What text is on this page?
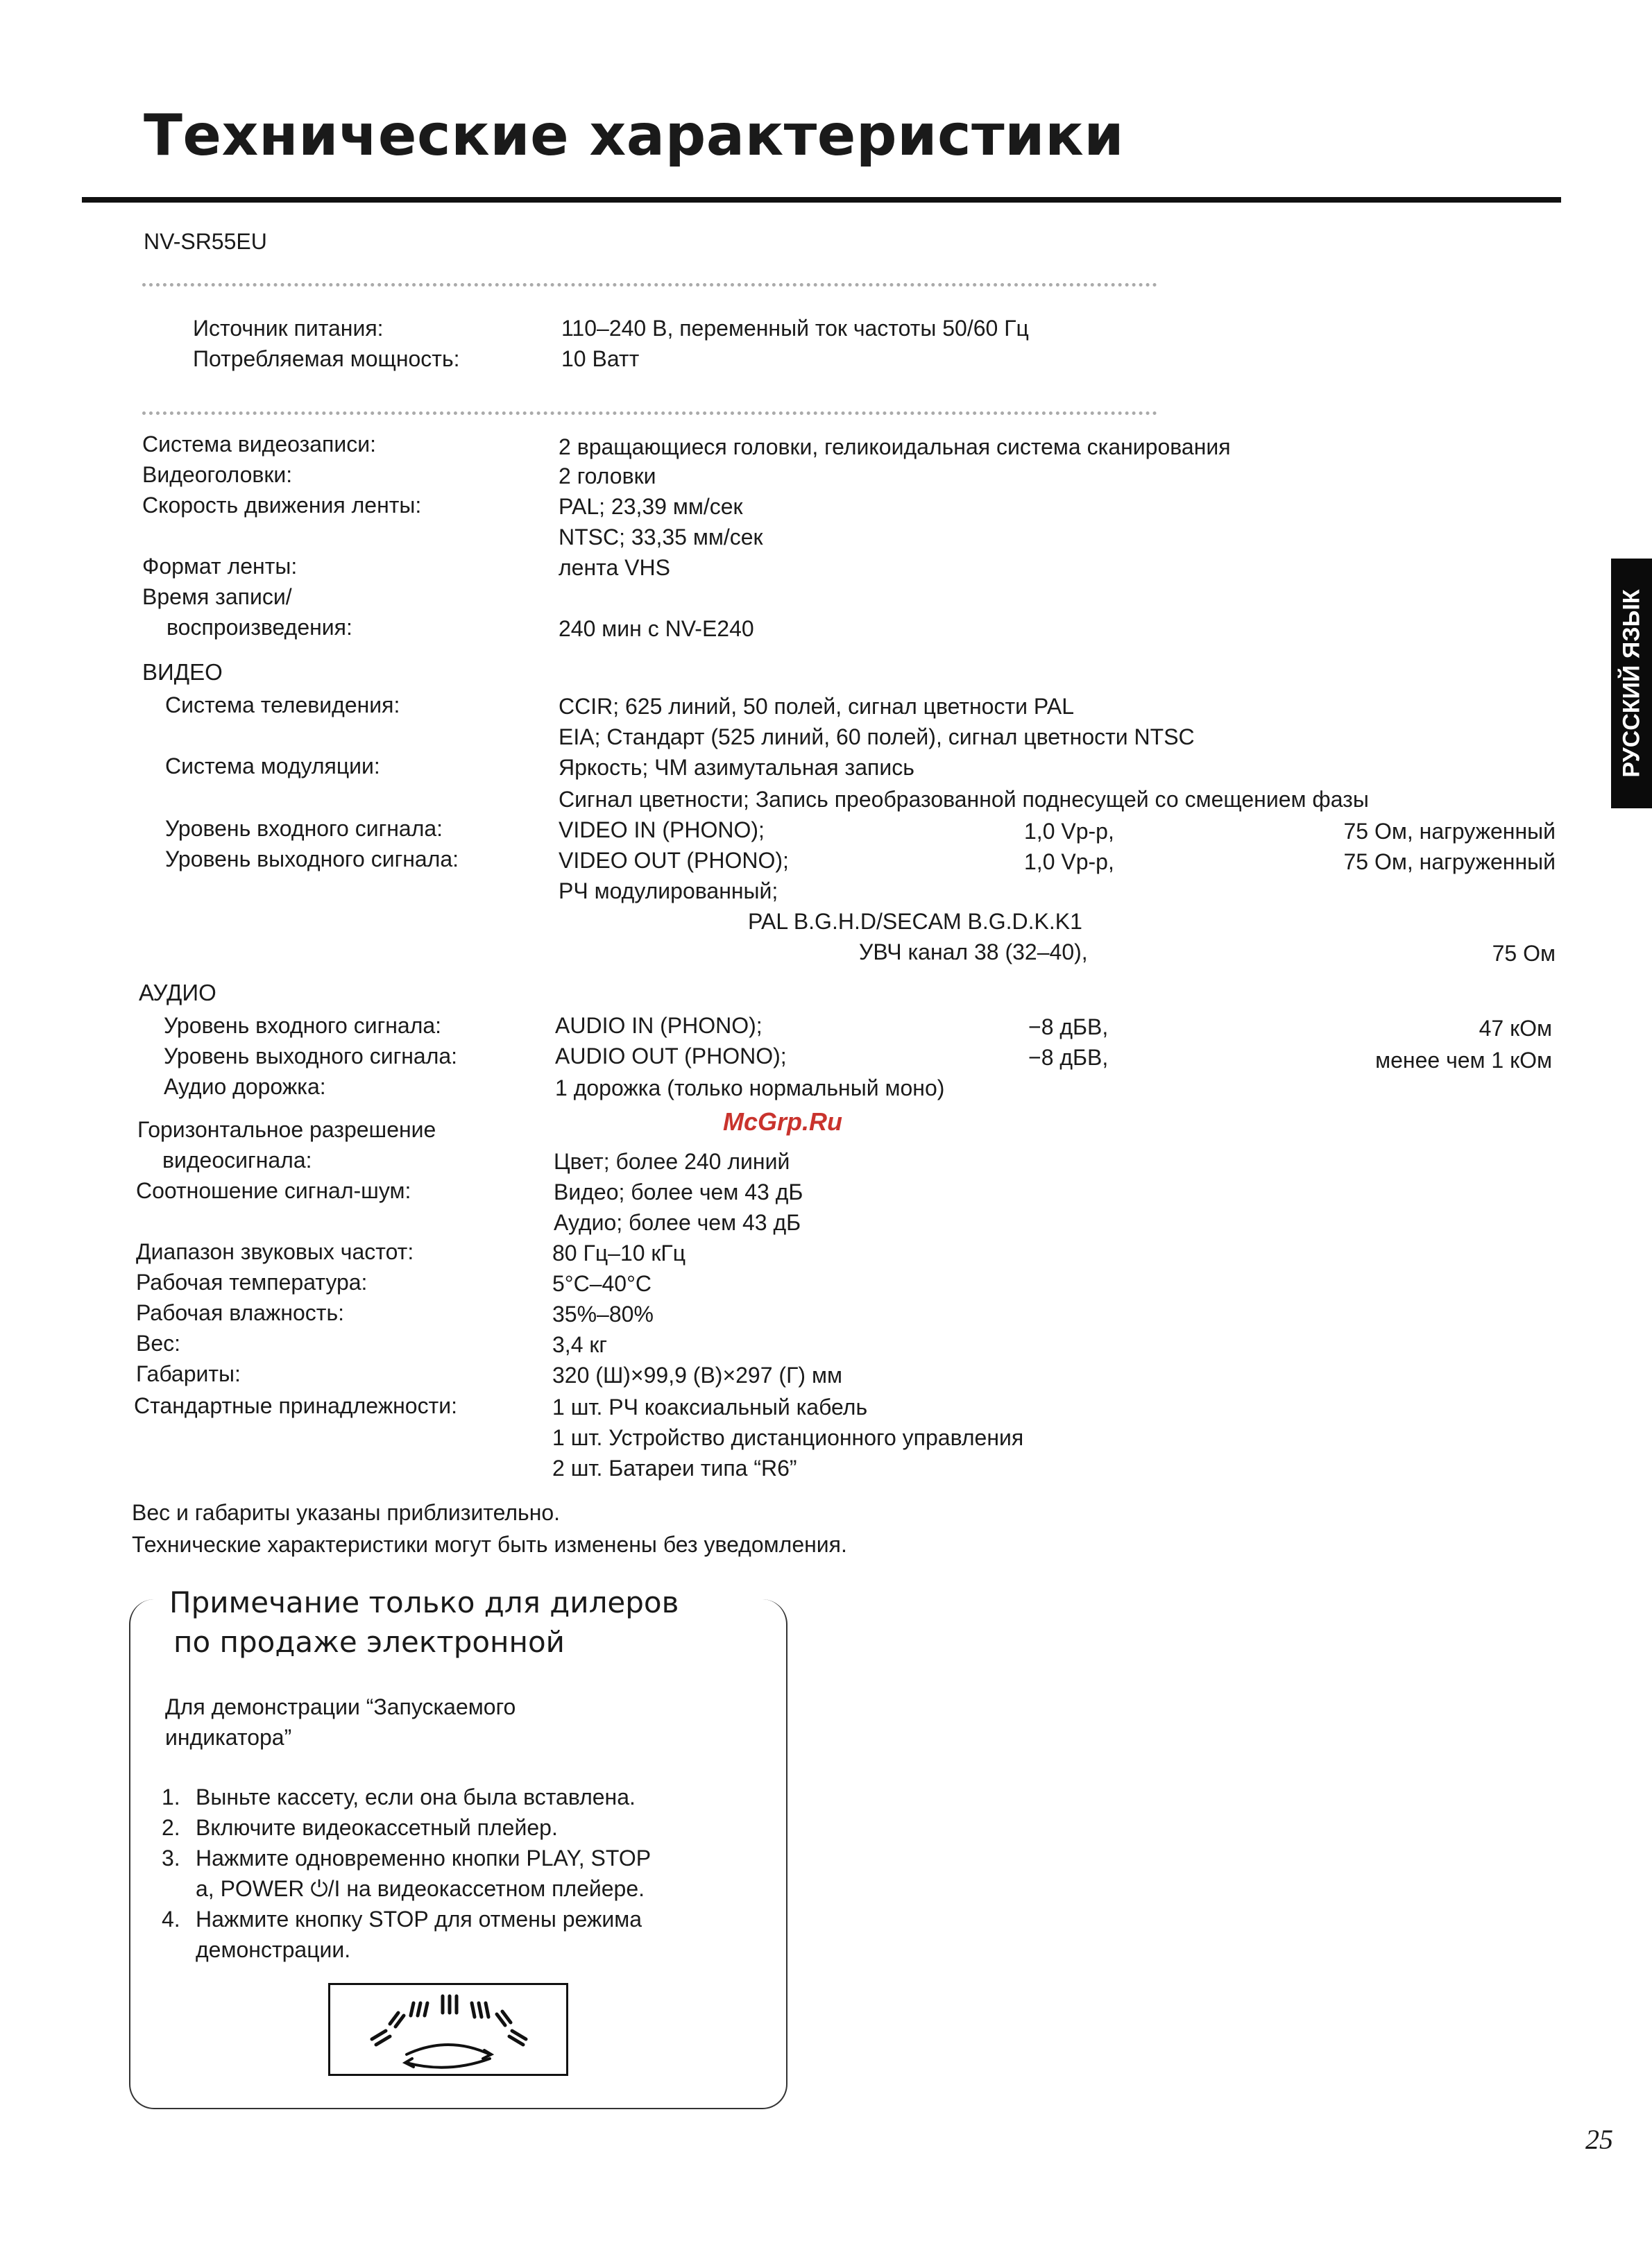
Технические характеристики
NV-SR55EU
Источник питания:	110–240 В, переменный ток частоты 50/60 Гц
Потребляемая мощность:	10 Ватт
Система видеозаписи:	2 вращающиеся головки, геликоидальная система сканирования
Видеоголовки:	2 головки
Скорость движения ленты:	PAL; 23,39 мм/сек
NTSC; 33,35 мм/сек
Формат ленты:	лента VHS
Время записи/
воспроизведения:	240 мин с NV-E240
ВИДЕО
Система телевидения:	CCIR; 625 линий, 50 полей, сигнал цветности PAL
EIA; Стандарт (525 линий, 60 полей), сигнал цветности NTSC
Система модуляции:	Яркость; ЧМ азимутальная запись
Сигнал цветности; Запись преобразованной поднесущей со смещением фазы
Уровень входного сигнала:	VIDEO IN (PHONO);	1,0 Vp-p,	75 Ом, нагруженный
Уровень выходного сигнала:	VIDEO OUT (PHONO);	1,0 Vp-p,	75 Ом, нагруженный
РЧ модулированный;
PAL B.G.H.D/SECAM B.G.D.K.K1
УВЧ канал 38 (32–40),	75 Ом
АУДИО
Уровень входного сигнала:	AUDIO IN (PHONO);	−8 дБВ,	47 кОм
Уровень выходного сигнала:	AUDIO OUT (PHONO);	−8 дБВ,	менее чем 1 кОм
Аудио дорожка:	1 дорожка (только нормальный моно)
McGrp.Ru
Горизонтальное разрешение
видеосигнала:	Цвет; более 240 линий
Соотношение сигнал-шум:	Видео; более чем 43 дБ
Аудио; более чем 43 дБ
Диапазон звуковых частот:	80 Гц–10 кГц
Рабочая температура:	5°C–40°C
Рабочая влажность:	35%–80%
Вес:	3,4 кг
Габариты:	320 (Ш)×99,9 (В)×297 (Г) мм
Стандартные принадлежности:	1 шт. РЧ коаксиальный кабель
1 шт. Устройство дистанционного управления
2 шт. Батареи типа “R6”
Вес и габариты указаны приблизительно.
Технические характеристики могут быть изменены без уведомления.
РУССКИЙ ЯЗЫК
Примечание только для дилеров
по продаже электронной
Для демонстрации “Запускаемого
индикатора”
1. Выньте кассету, если она была вставлена.
2. Включите видеокассетный плейер.
3. Нажмите одновременно кнопки PLAY, STOP
а, POWER ⏻/I на видеокассетном плейере.
4. Нажмите кнопку STOP для отмены режима
демонстрации.
25
